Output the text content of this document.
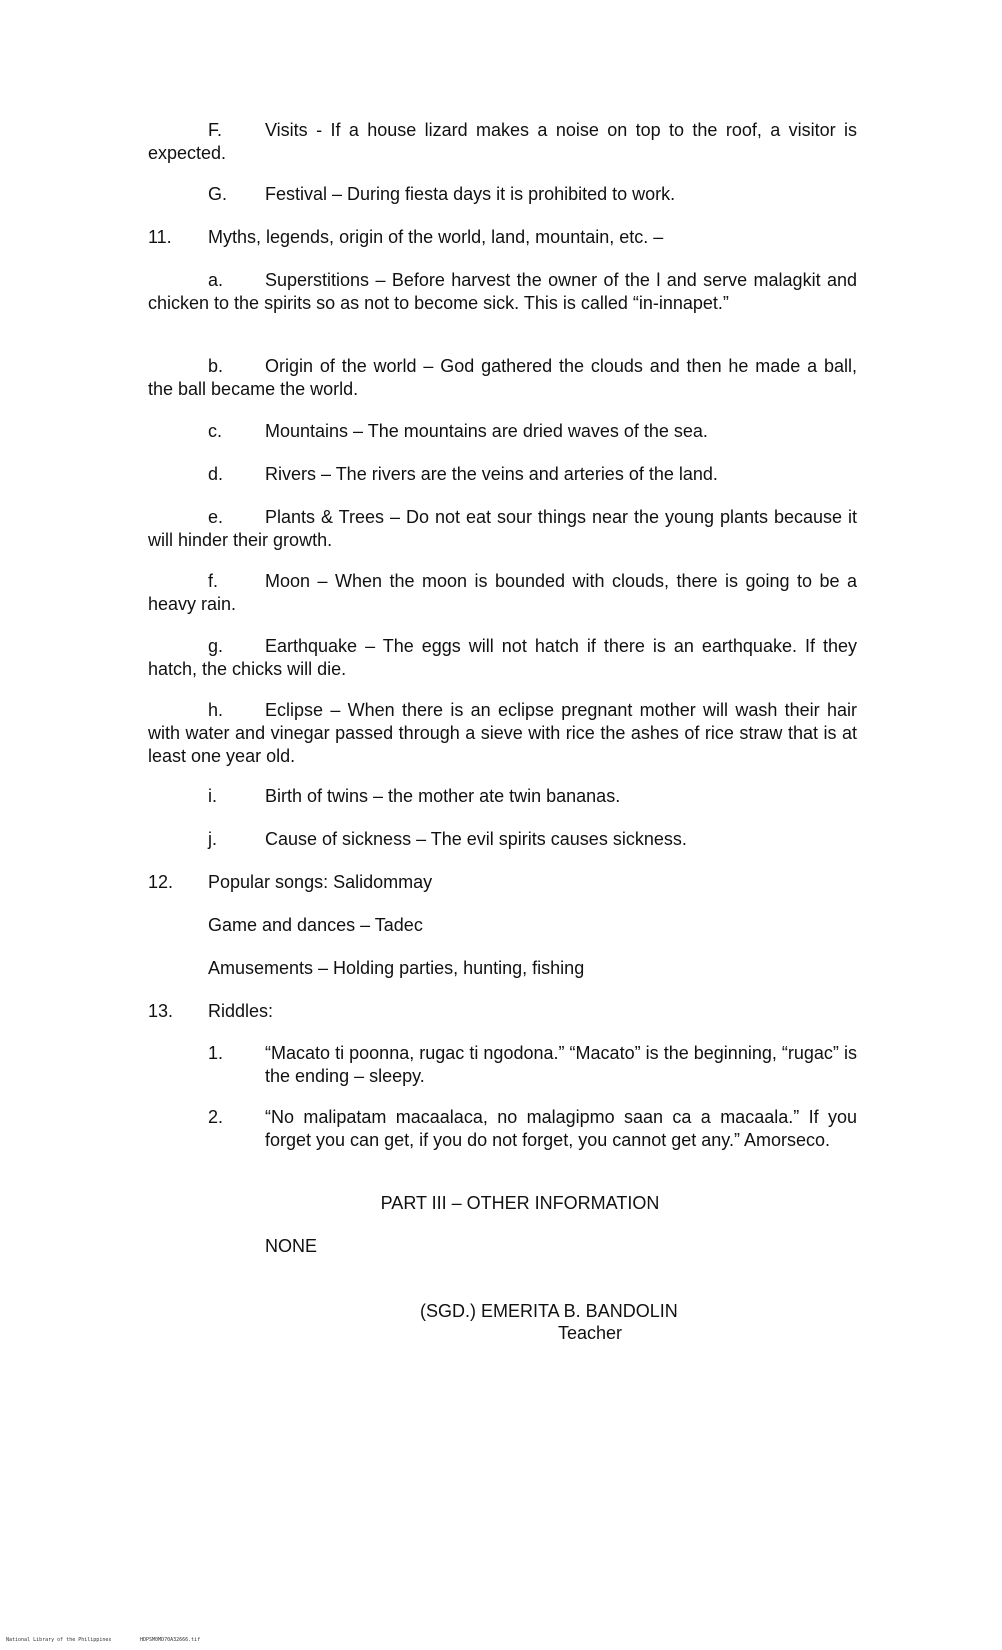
F. Visits - If a house lizard makes a noise on top to the roof, a visitor is expected.

G. Festival – During fiesta days it is prohibited to work.

11.	Myths, legends, origin of the world, land, mountain, etc. –

a. Superstitions – Before harvest the owner of the l and serve malagkit and chicken to the spirits so as not to become sick. This is called “in-innapet.”

b. Origin of the world – God gathered the clouds and then he made a ball, the ball became the world.

c. Mountains – The mountains are dried waves of the sea.

d. Rivers – The rivers are the veins and arteries of the land.

e. Plants & Trees – Do not eat sour things near the young plants because it will hinder their growth.

f.	Moon – When the moon is bounded with clouds, there is going to be a heavy rain.

g. Earthquake – The eggs will not hatch if there is an earthquake. If they hatch, the chicks will die.

h. Eclipse – When there is an eclipse pregnant mother will wash their hair with water and vinegar passed through a sieve with rice the ashes of rice straw that is at least one year old.

i.	Birth of twins – the mother ate twin bananas.

j.	Cause of sickness – The evil spirits causes sickness.

12.	Popular songs: Salidommay
Game and dances – Tadec
Amusements – Holding parties, hunting, fishing
13.	Riddles:
1.	“Macato ti poonna, rugac ti ngodona.” “Macato” is the beginning, “rugac” is the ending – sleepy.
2.	“No malipatam macaalaca, no malagipmo saan ca a macaala.” If you forget you can get, if you do not forget, you cannot get any.” Amorseco.

PART III – OTHER INFORMATION

NONE

(SGD.) EMERITA B. BANDOLIN

Teacher

National Library of the Philippines	HDPSM0MD70A32666.tif
